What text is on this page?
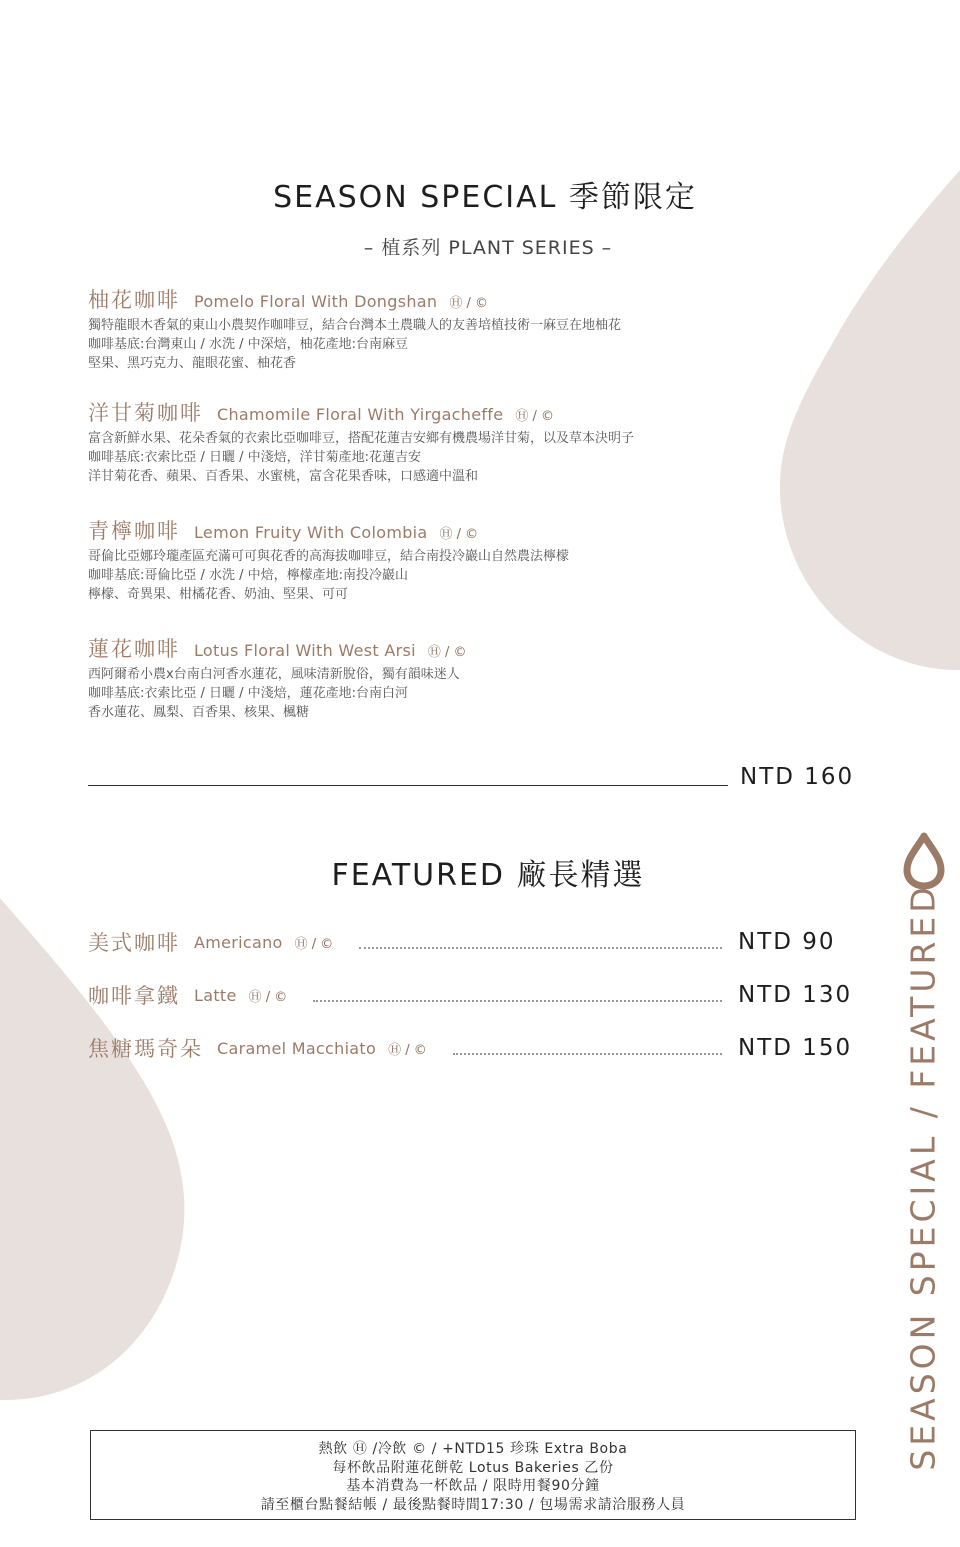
SEASON SPECIAL 季節限定
– 植系列 PLANT SERIES –
柚花咖啡 Pomelo Floral With Dongshan Ⓗ / ©
獨特龍眼木香氣的東山小農契作咖啡豆，結合台灣本土農職人的友善培植技術一麻豆在地柚花
咖啡基底:台灣東山 / 水洗 / 中深焙，柚花產地:台南麻豆
堅果、黑巧克力、龍眼花蜜、柚花香
洋甘菊咖啡 Chamomile Floral With Yirgacheffe Ⓗ / ©
富含新鮮水果、花朵香氣的衣索比亞咖啡豆，搭配花蓮吉安鄉有機農場洋甘菊，以及草本決明子
咖啡基底:衣索比亞 / 日曬 / 中淺焙，洋甘菊產地:花蓮吉安
洋甘菊花香、蘋果、百香果、水蜜桃，富含花果香味，口感適中溫和
青檸咖啡 Lemon Fruity With Colombia Ⓗ / ©
哥倫比亞娜玲瓏產區充滿可可與花香的高海拔咖啡豆，結合南投冷巖山自然農法檸檬
咖啡基底:哥倫比亞 / 水洗 / 中焙，檸檬產地:南投冷巖山
檸檬、奇異果、柑橘花香、奶油、堅果、可可
蓮花咖啡 Lotus Floral With West Arsi Ⓗ / ©
西阿爾希小農x台南白河香水蓮花，風味清新脫俗，獨有韻味迷人
咖啡基底:衣索比亞 / 日曬 / 中淺焙，蓮花產地:台南白河
香水蓮花、鳳梨、百香果、核果、楓糖
NTD 160
FEATURED 廠長精選
美式咖啡 Americano Ⓗ / ©	NTD 90
咖啡拿鐵 Latte Ⓗ / ©	NTD 130
焦糖瑪奇朵 Caramel Macchiato Ⓗ / ©	NTD 150	SEASON SPECIAL / FEATURED
熱飲 Ⓗ /冷飲 © / +NTD15 珍珠 Extra Boba
每杯飲品附蓮花餅乾 Lotus Bakeries 乙份
基本消費為一杯飲品 / 限時用餐90分鐘
請至櫃台點餐結帳 / 最後點餐時間17:30 / 包場需求請洽服務人員
